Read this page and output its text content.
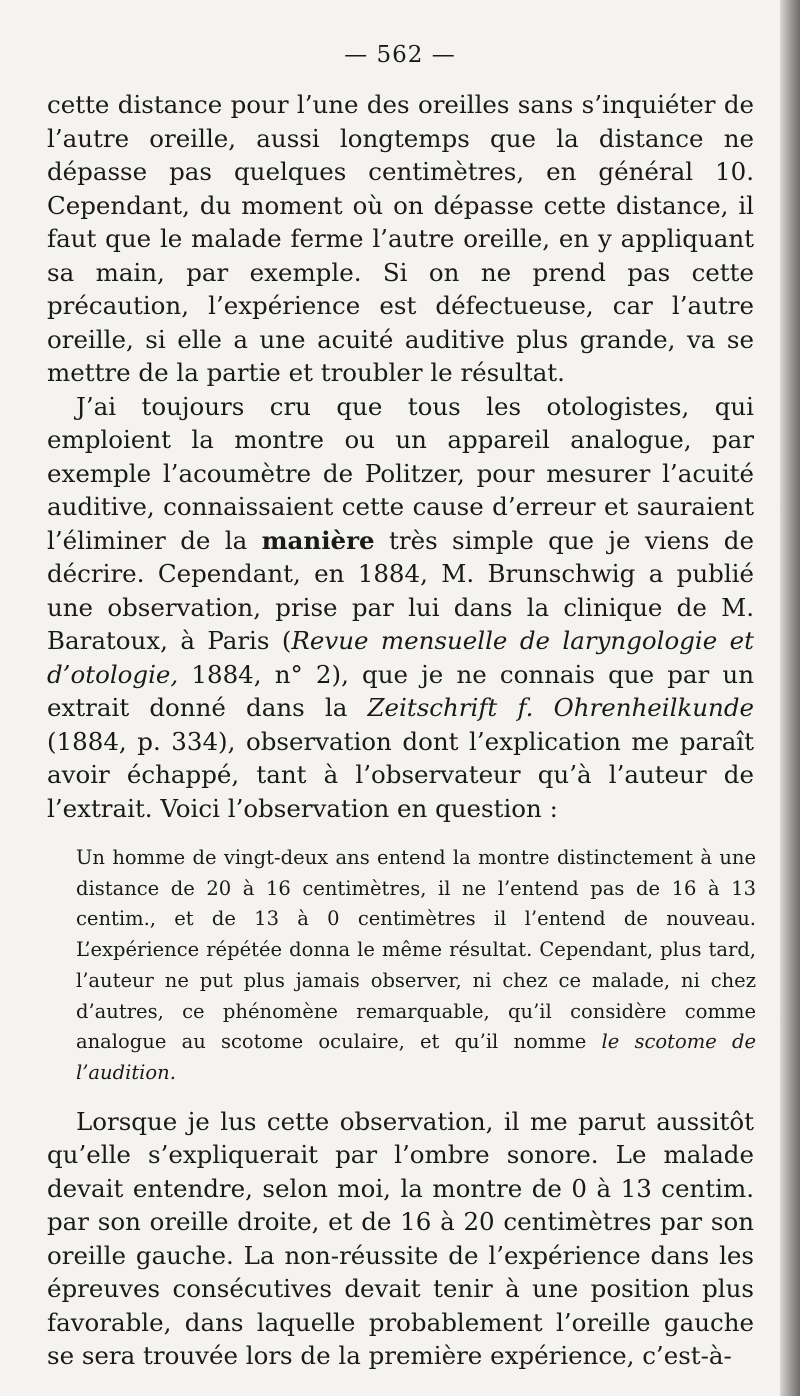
— 562 —

cette distance pour l’une des oreilles sans s’inquiéter de l’autre oreille, aussi longtemps que la distance ne dépasse pas quelques centimètres, en général 10. Cependant, du moment où on dépasse cette distance, il faut que le malade ferme l’autre oreille, en y appliquant sa main, par exemple. Si on ne prend pas cette précaution, l’expérience est défectueuse, car l’autre oreille, si elle a une acuité auditive plus grande, va se mettre de la partie et troubler le résultat.

J’ai toujours cru que tous les otologistes, qui emploient la montre ou un appareil analogue, par exemple l’acoumètre de Politzer, pour mesurer l’acuité auditive, connaissaient cette cause d’erreur et sauraient l’éliminer de la manière très simple que je viens de décrire. Cependant, en 1884, M. Brunschwig a publié une observation, prise par lui dans la clinique de M. Baratoux, à Paris (Revue mensuelle de laryngologie et d’otologie, 1884, n° 2), que je ne connais que par un extrait donné dans la Zeitschrift f. Ohrenheilkunde (1884, p. 334), observation dont l’explication me paraît avoir échappé, tant à l’observateur qu’à l’auteur de l’extrait. Voici l’observation en question :

Un homme de vingt-deux ans entend la montre distinctement à une distance de 20 à 16 centimètres, il ne l’entend pas de 16 à 13 centim., et de 13 à 0 centimètres il l’entend de nouveau. L’expérience répétée donna le même résultat. Cependant, plus tard, l’auteur ne put plus jamais observer, ni chez ce malade, ni chez d’autres, ce phénomène remarquable, qu’il considère comme analogue au scotome oculaire, et qu’il nomme le scotome de l’audition.

Lorsque je lus cette observation, il me parut aussitôt qu’elle s’expliquerait par l’ombre sonore. Le malade devait entendre, selon moi, la montre de 0 à 13 centim. par son oreille droite, et de 16 à 20 centimètres par son oreille gauche. La non-réussite de l’expérience dans les épreuves consécutives devait tenir à une position plus favorable, dans laquelle probablement l’oreille gauche se sera trouvée lors de la première expérience, c’est-à-
